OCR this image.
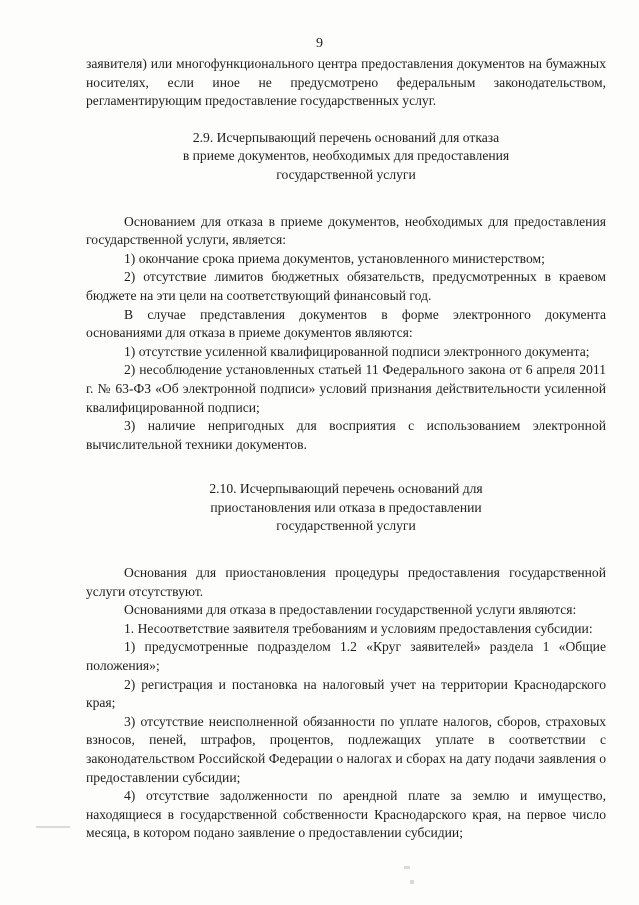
9

заявителя) или многофункционального центра предоставления документов на бумажных носителях, если иное не предусмотрено федеральным законодательством, регламентирующим предоставление государственных услуг.

2.9. Исчерпывающий перечень оснований для отказа
в приеме документов, необходимых для предоставления
государственной услуги

Основанием для отказа в приеме документов, необходимых для предоставления государственной услуги, является:

1) окончание срока приема документов, установленного министерством;

2) отсутствие лимитов бюджетных обязательств, предусмотренных в краевом бюджете на эти цели на соответствующий финансовый год.

В случае представления документов в форме электронного документа основаниями для отказа в приеме документов являются:

1) отсутствие усиленной квалифицированной подписи электронного документа;

2) несоблюдение установленных статьей 11 Федерального закона от 6 апреля 2011 г. № 63-ФЗ «Об электронной подписи» условий признания действительности усиленной квалифицированной подписи;

3) наличие непригодных для восприятия с использованием электронной вычислительной техники документов.

2.10. Исчерпывающий перечень оснований для
приостановления или отказа в предоставлении
государственной услуги

Основания для приостановления процедуры предоставления государственной услуги отсутствуют.

Основаниями для отказа в предоставлении государственной услуги являются:

1. Несоответствие заявителя требованиям и условиям предоставления субсидии:

1) предусмотренные подразделом 1.2 «Круг заявителей» раздела 1 «Общие положения»;

2) регистрация и постановка на налоговый учет на территории Краснодарского края;

3) отсутствие неисполненной обязанности по уплате налогов, сборов, страховых взносов, пеней, штрафов, процентов, подлежащих уплате в соответствии с законодательством Российской Федерации о налогах и сборах на дату подачи заявления о предоставлении субсидии;

4) отсутствие задолженности по арендной плате за землю и имущество, находящиеся в государственной собственности Краснодарского края, на первое число месяца, в котором подано заявление о предоставлении субсидии;
